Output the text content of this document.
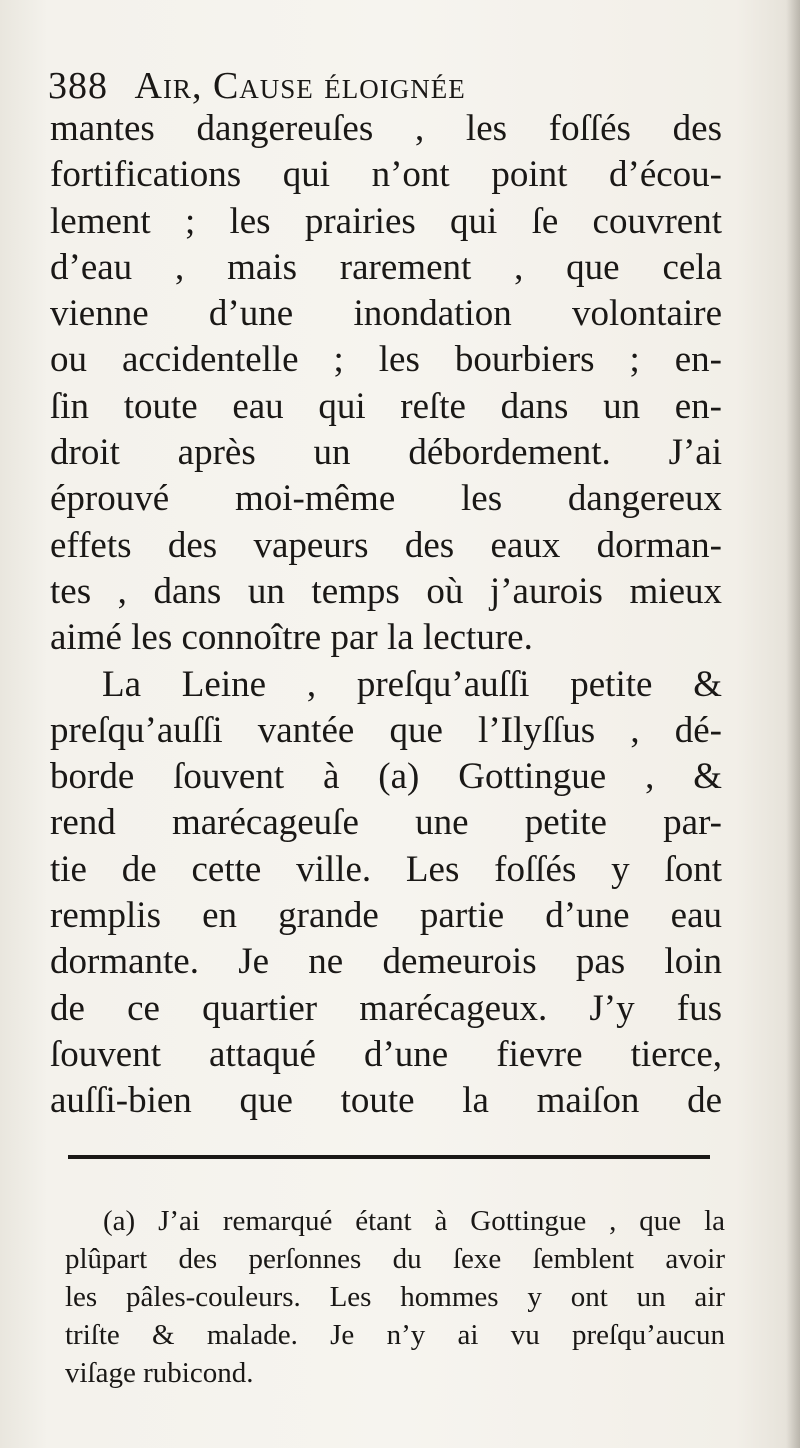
388 Air, Cause éloignée
mantes dangereuſes , les foſſés des
fortifications qui n’ont point d’écou-
lement ; les prairies qui ſe couvrent
d’eau , mais rarement , que cela
vienne d’une inondation volontaire
ou accidentelle ; les bourbiers ; en-
ſin toute eau qui reſte dans un en-
droit après un débordement. J’ai
éprouvé moi-même les dangereux
effets des vapeurs des eaux dorman-
tes , dans un temps où j’aurois mieux
aimé les connoître par la lecture.
La Leine , preſqu’auſſi petite &
preſqu’auſſi vantée que l’Ilyſſus , dé-
borde ſouvent à (a) Gottingue , &
rend marécageuſe une petite par-
tie de cette ville. Les foſſés y ſont
remplis en grande partie d’une eau
dormante. Je ne demeurois pas loin
de ce quartier marécageux. J’y fus
ſouvent attaqué d’une fievre tierce,
auſſi-bien que toute la maiſon de
(a) J’ai remarqué étant à Gottingue , que la
plûpart des perſonnes du ſexe ſemblent avoir
les pâles-couleurs. Les hommes y ont un air
triſte & malade. Je n’y ai vu preſqu’aucun
viſage rubicond.
